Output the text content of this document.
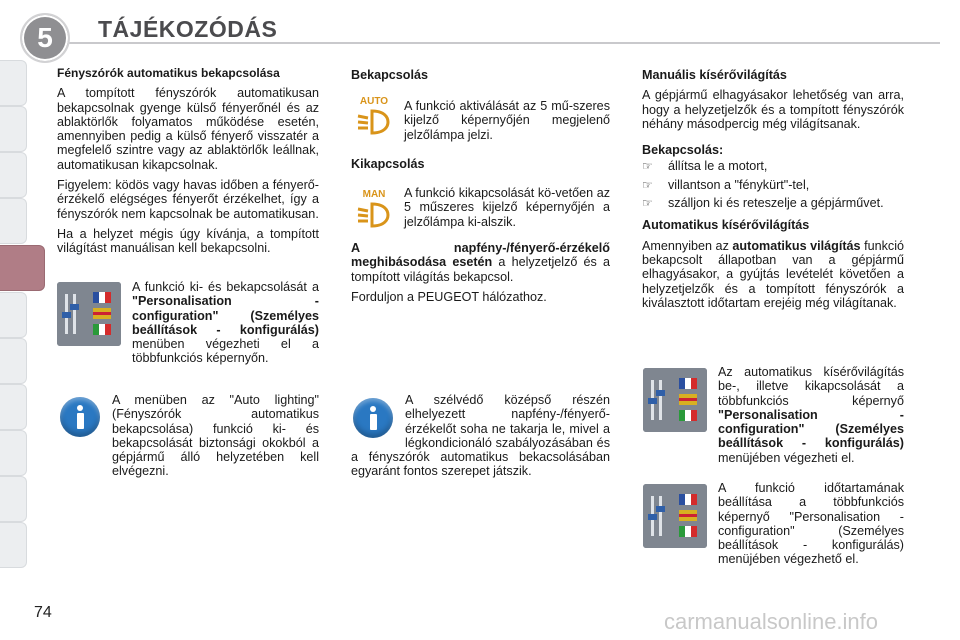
5	TÁJÉKOZÓDÁS

Fényszórók automatikus bekapcsolása

A tompított fényszórók automatikusan bekapcsolnak gyenge külső fényerőnél és az ablaktörlők folyamatos működése esetén, amennyiben pedig a külső fényerő visszatér a megfelelő szintre vagy az ablaktörlők leállnak, automatikusan kikapcsolnak.

Figyelem: ködös vagy havas időben a fényerő-érzékelő elégséges fényerőt érzékelhet, így a fényszórók nem kapcsolnak be automatikusan.

Ha a helyzet mégis úgy kívánja, a tompított világítást manuálisan kell bekapcsolni.

A funkció ki- és bekapcsolását a "Personalisation - configuration" (Személyes beállítások - konfigurálás) menüben végezheti el a többfunkciós képernyőn.
A menüben az "Auto lighting" (Fényszórók automatikus bekapcsolása) funkció ki- és bekapcsolását biztonsági okokból a gépjármű álló helyzetében kell elvégezni.
Bekapcsolás
AUTO	A funkció aktiválását az 5 mű-szeres kijelző képernyőjén megjelenő jelzőlámpa jelzi.
Kikapcsolás
MAN	A funkció kikapcsolását kö-vetően az 5 műszeres kijelző képernyőjén a jelzőlámpa ki-alszik.

A napfény-/fényerő-érzékelő meghibásodása esetén a helyzetjelző és a tompított világítás bekapcsol.

Forduljon a PEUGEOT hálózathoz.

A szélvédő középső részén elhelyezett napfény-/fényerő-érzékelőt soha ne takarja le, mivel a légkondicionáló szabályozásában és a fényszórók automatikus bekacsolásában egyaránt fontos szerepet játszik.

Manuális kísérővilágítás

A gépjármű elhagyásakor lehetőség van arra, hogy a helyzetjelzők és a tompított fényszórók néhány másodpercig még világítsanak.

Bekapcsolás:

☞ állítsa le a motort,
☞ villantson a "fénykürt"-tel,
☞ szálljon ki és reteszelje a gépjárművet.

Automatikus kísérővilágítás

Amennyiben az automatikus világítás funkció bekapcsolt állapotban van a gépjármű elhagyásakor, a gyújtás levételét követően a helyzetjelzők és a tompított fényszórók a kiválasztott időtartam erejéig még világítanak.

Az automatikus kísérővilágítás be-, illetve kikapcsolását a többfunkciós képernyő "Personalisation - configuration" (Személyes beállítások - konfigurálás) menüjében végezheti el.
A funkció időtartamának beállítása a többfunkciós képernyő "Personalisation - configuration" (Személyes beállítások - konfigurálás) menüjében végezhető el.
74	carmanualsonline.info
